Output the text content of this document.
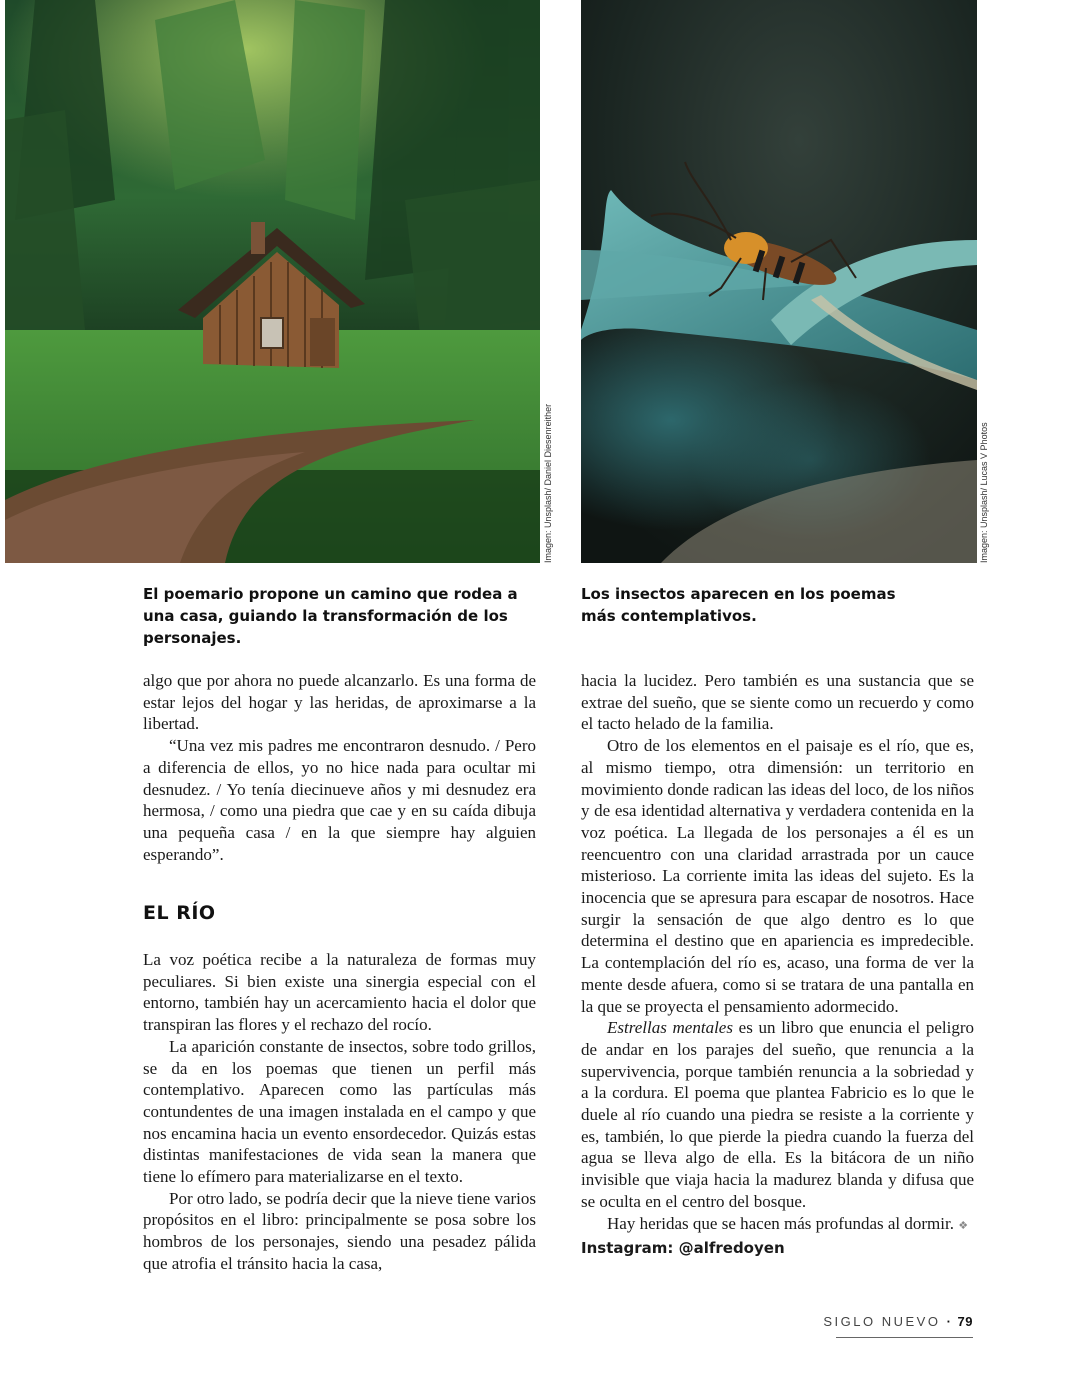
Imagen: Unsplash/ Daniel Diesenreither	Imagen: Unsplash/ Lucas V Photos
El poemario propone un camino que rodea a una casa, guiando la transformación de los personajes.
Los insectos aparecen en los poemas más contemplativos.

algo que por ahora no puede alcanzarlo. Es una forma de estar lejos del hogar y las heridas, de aproximarse a la libertad.

“Una vez mis padres me encontraron desnudo. / Pero a diferencia de ellos, yo no hice nada para ocultar mi desnudez. / Yo tenía diecinueve años y mi desnudez era hermosa, / como una piedra que cae y en su caída dibuja una pequeña casa / en la que siempre hay alguien esperando”.

EL RÍO

La voz poética recibe a la naturaleza de formas muy peculiares. Si bien existe una sinergia especial con el entorno, también hay un acercamiento hacia el dolor que transpiran las flores y el rechazo del rocío.

La aparición constante de insectos, sobre todo grillos, se da en los poemas que tienen un perfil más contemplativo. Aparecen como las partículas más contundentes de una imagen instalada en el campo y que nos encamina hacia un evento ensordecedor. Quizás estas distintas manifestaciones de vida sean la manera que tiene lo efímero para materializarse en el texto.

Por otro lado, se podría decir que la nieve tiene varios propósitos en el libro: principalmente se posa sobre los hombros de los personajes, siendo una pesadez pálida que atrofia el tránsito hacia la casa,

hacia la lucidez. Pero también es una sustancia que se extrae del sueño, que se siente como un recuerdo y como el tacto helado de la familia.

Otro de los elementos en el paisaje es el río, que es, al mismo tiempo, otra dimensión: un territorio en movimiento donde radican las ideas del loco, de los niños y de esa identidad alternativa y verdadera contenida en la voz poética. La llegada de los personajes a él es un reencuentro con una claridad arrastrada por un cauce misterioso. La corriente imita las ideas del sujeto. Es la inocencia que se apresura para escapar de nosotros. Hace surgir la sensación de que algo dentro es lo que determina el destino que en apariencia es impredecible. La contemplación del río es, acaso, una forma de ver la mente desde afuera, como si se tratara de una pantalla en la que se proyecta el pensamiento adormecido.

Estrellas mentales es un libro que enuncia el peligro de andar en los parajes del sueño, que renuncia a la supervivencia, porque también renuncia a la sobriedad y a la cordura. El poema que plantea Fabricio es lo que le duele al río cuando una piedra se resiste a la corriente y es, también, lo que pierde la piedra cuando la fuerza del agua se lleva algo de ella. Es la bitácora de un niño invisible que viaja hacia la madurez blanda y difusa que se oculta en el centro del bosque.

Hay heridas que se hacen más profundas al dormir. ❖

Instagram: @alfredoyen
SIGLO NUEVO · 79
